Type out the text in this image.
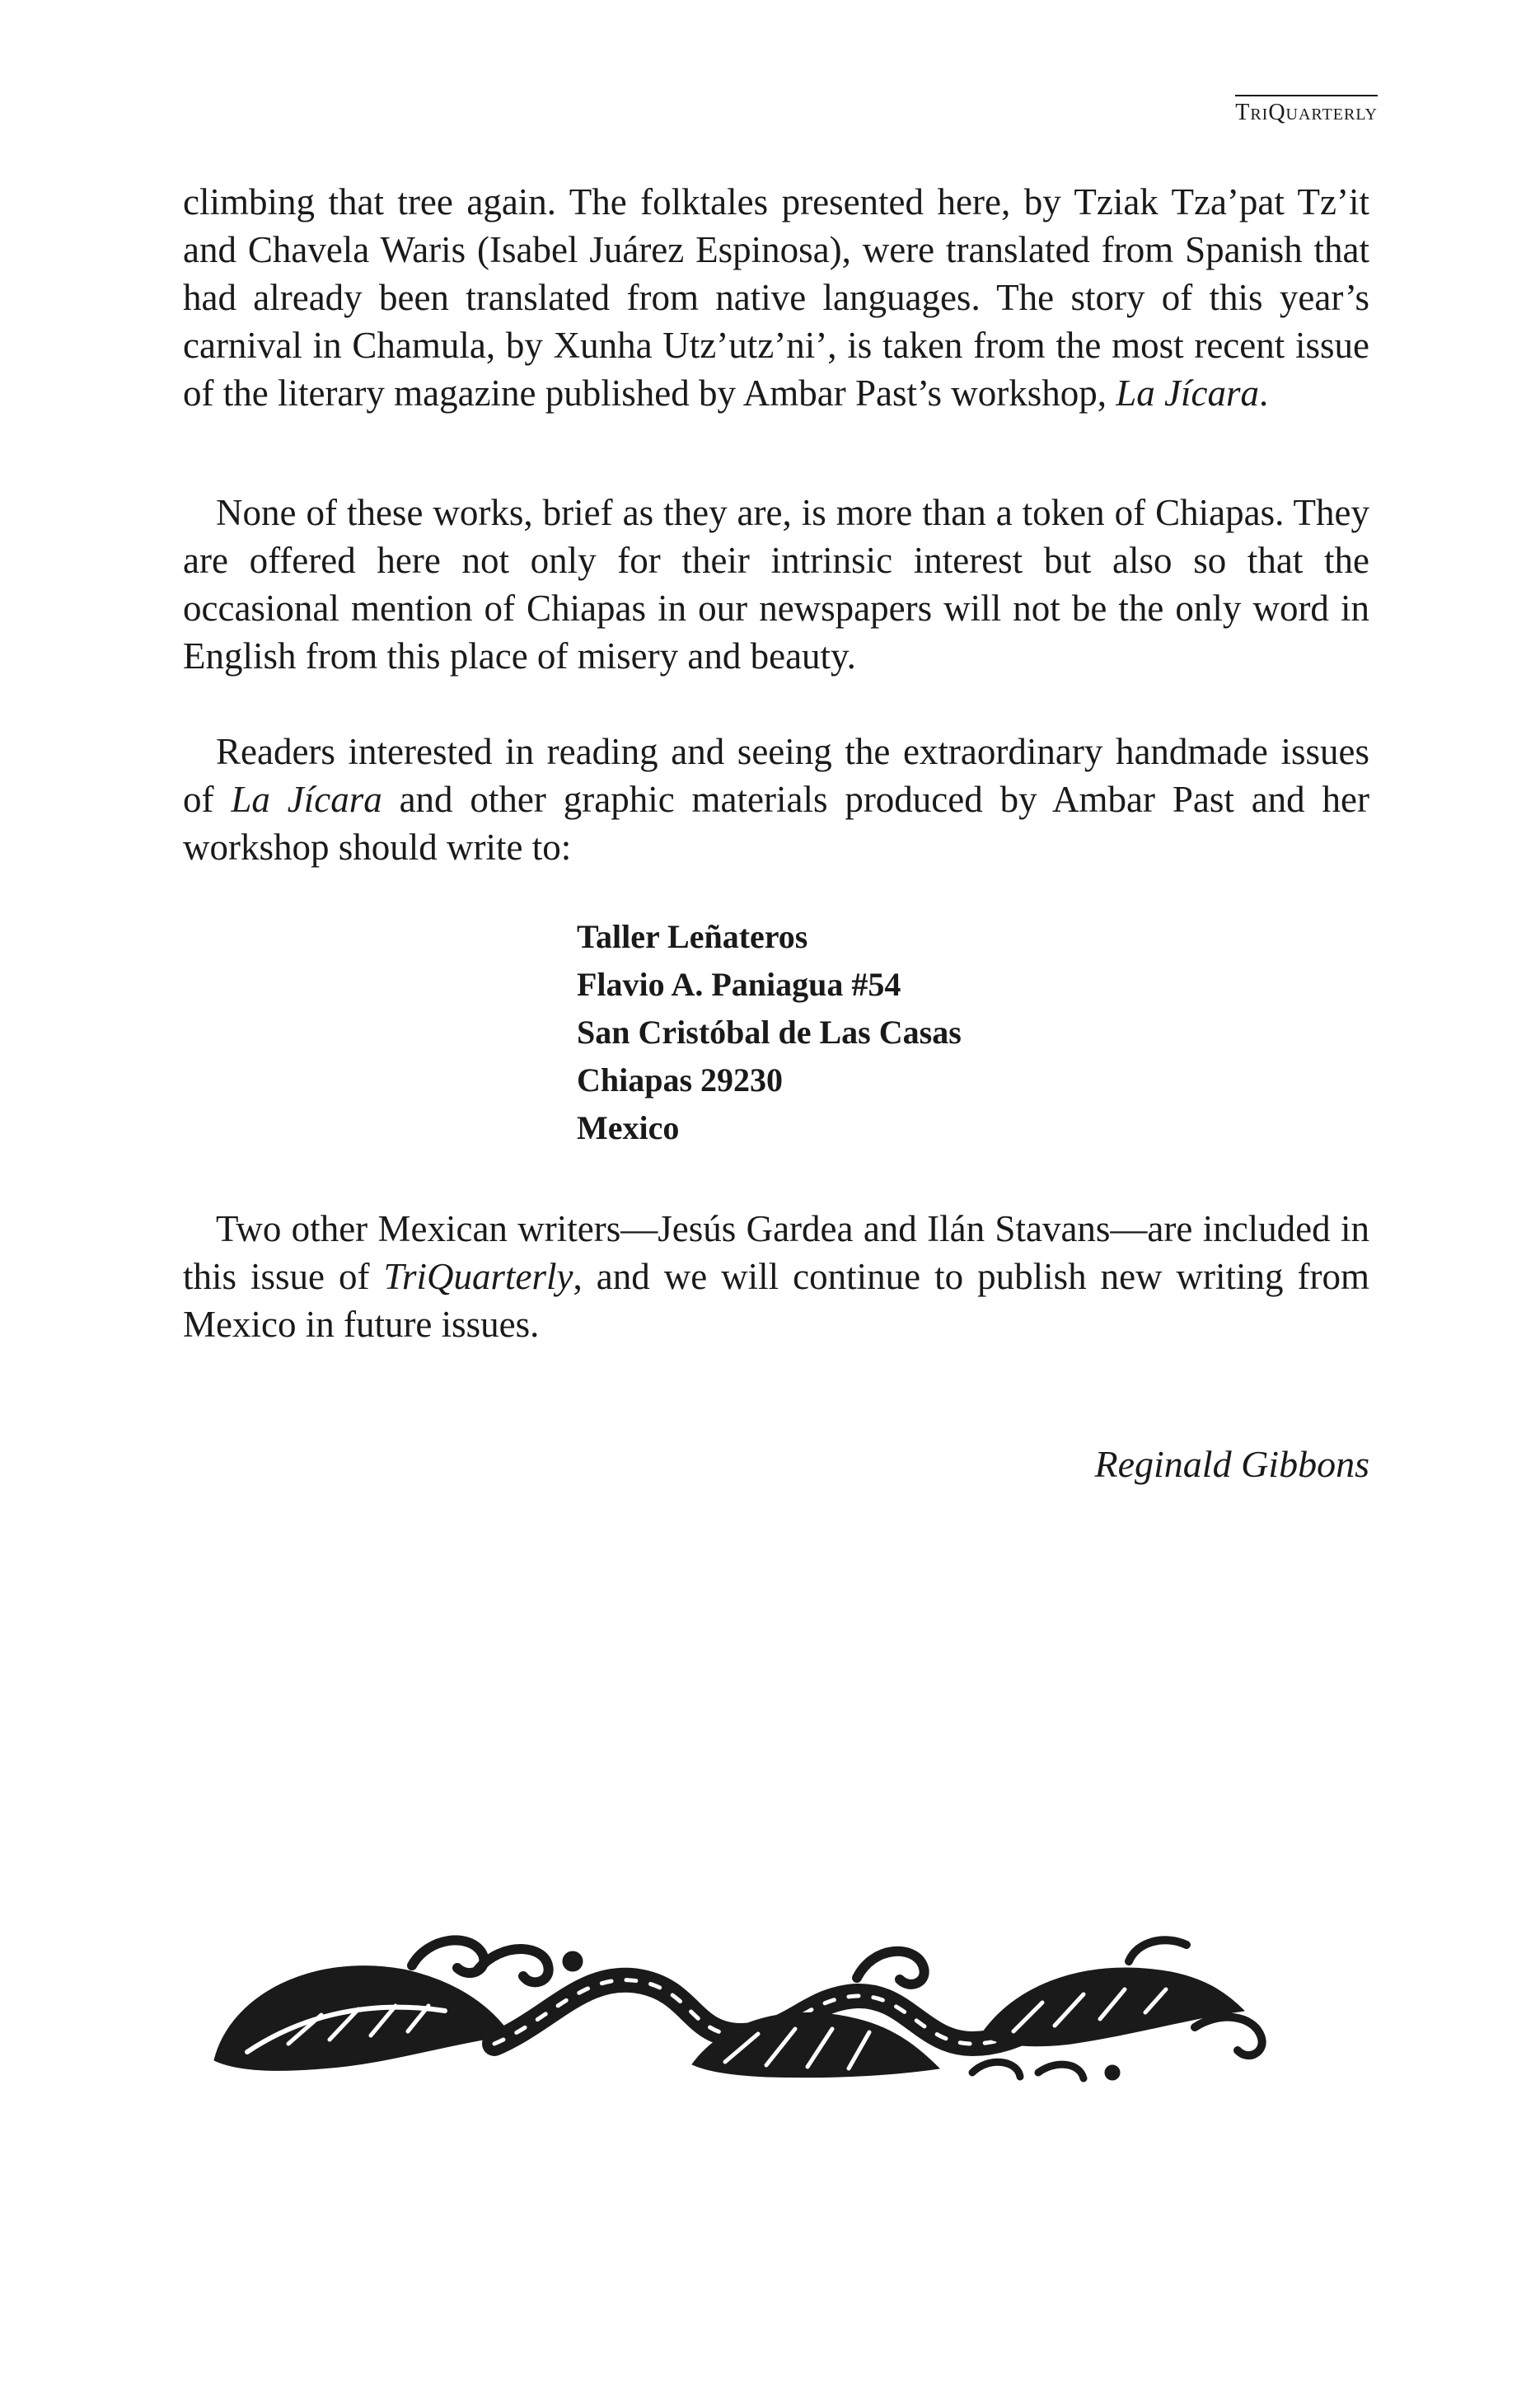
TriQuarterly

climbing that tree again. The folktales presented here, by Tziak Tza’pat Tz’it and Chavela Waris (Isabel Juárez Espinosa), were translated from Spanish that had already been translated from native languages. The story of this year’s carnival in Chamula, by Xunha Utz’utz’ni’, is taken from the most recent issue of the literary magazine published by Ambar Past’s workshop, La Jícara.

None of these works, brief as they are, is more than a token of Chiapas. They are offered here not only for their intrinsic interest but also so that the occasional mention of Chiapas in our newspapers will not be the only word in English from this place of misery and beauty.

Readers interested in reading and seeing the extraordinary handmade issues of La Jícara and other graphic materials produced by Ambar Past and her workshop should write to:

Taller Leñateros
Flavio A. Paniagua #54
San Cristóbal de Las Casas
Chiapas 29230
Mexico

Two other Mexican writers—Jesús Gardea and Ilán Stavans—are included in this issue of TriQuarterly, and we will continue to publish new writing from Mexico in future issues.

Reginald Gibbons
